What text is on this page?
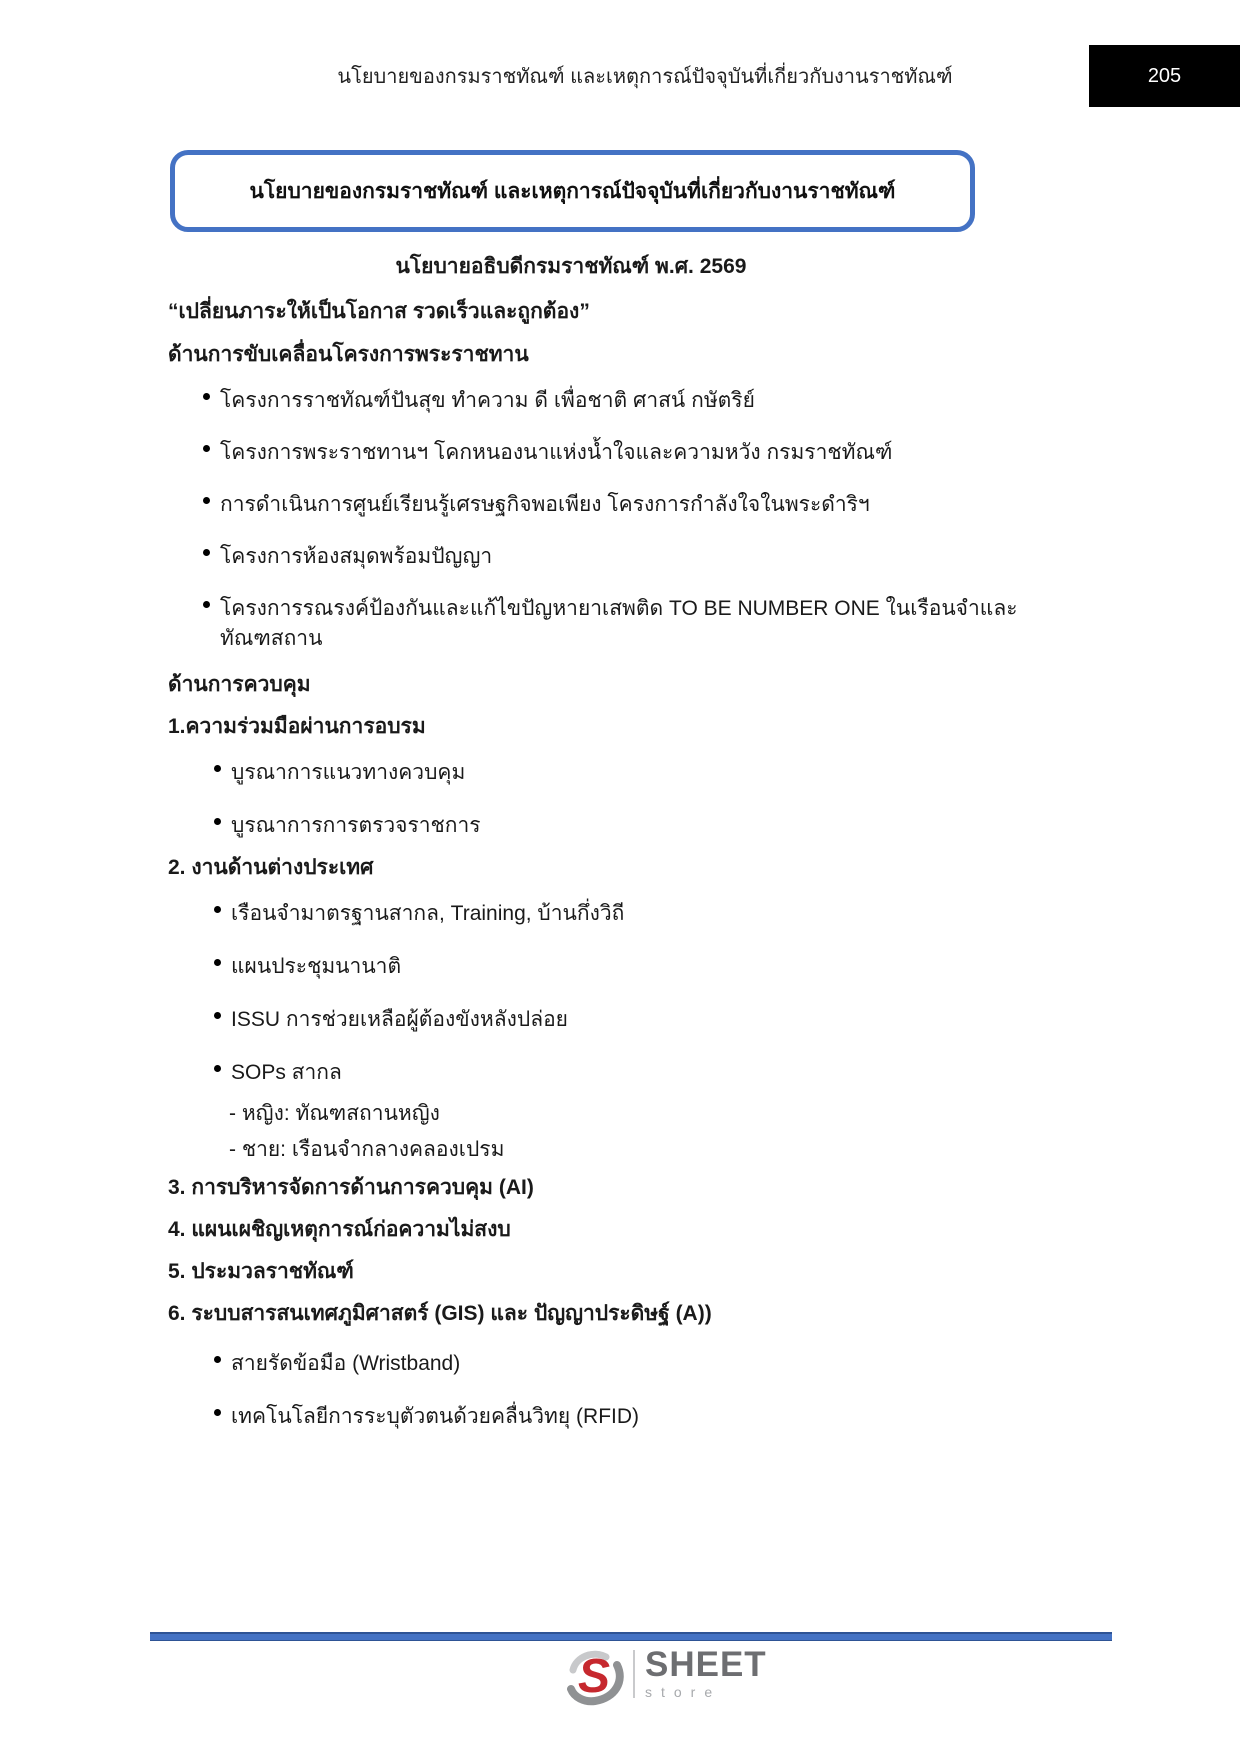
นโยบายของกรมราชทัณฑ์ และเหตุการณ์ปัจจุบันที่เกี่ยวกับงานราชทัณฑ์	205
นโยบายของกรมราชทัณฑ์ และเหตุการณ์ปัจจุบันที่เกี่ยวกับงานราชทัณฑ์
นโยบายอธิบดีกรมราชทัณฑ์ พ.ศ. 2569
“เปลี่ยนภาระให้เป็นโอกาส รวดเร็วและถูกต้อง”
ด้านการขับเคลื่อนโครงการพระราชทาน
โครงการราชทัณฑ์ปันสุข ทำความ ดี เพื่อชาติ ศาสน์ กษัตริย์
โครงการพระราชทานฯ โคกหนองนาแห่งน้ำใจและความหวัง กรมราชทัณฑ์
การดำเนินการศูนย์เรียนรู้เศรษฐกิจพอเพียง โครงการกำลังใจในพระดำริฯ
โครงการห้องสมุดพร้อมปัญญา
โครงการรณรงค์ป้องกันและแก้ไขปัญหายาเสพติด TO BE NUMBER ONE ในเรือนจำและทัณฑสถาน
ด้านการควบคุม
1.ความร่วมมือผ่านการอบรม
บูรณาการแนวทางควบคุม
บูรณาการการตรวจราชการ
2. งานด้านต่างประเทศ
เรือนจำมาตรฐานสากล, Training, บ้านกึ่งวิถี
แผนประชุมนานาติ
ISSU การช่วยเหลือผู้ต้องขังหลังปล่อย
SOPs สากล
- หญิง: ทัณฑสถานหญิง
- ชาย: เรือนจำกลางคลองเปรม
3. การบริหารจัดการด้านการควบคุม (AI)
4. แผนเผชิญเหตุการณ์ก่อความไม่สงบ
5. ประมวลราชทัณฑ์
6. ระบบสารสนเทศภูมิศาสตร์ (GIS) และ ปัญญาประดิษฐ์ (A))
สายรัดข้อมือ (Wristband)
เทคโนโลยีการระบุตัวตนด้วยคลื่นวิทยุ (RFID)
S SHEET
store
